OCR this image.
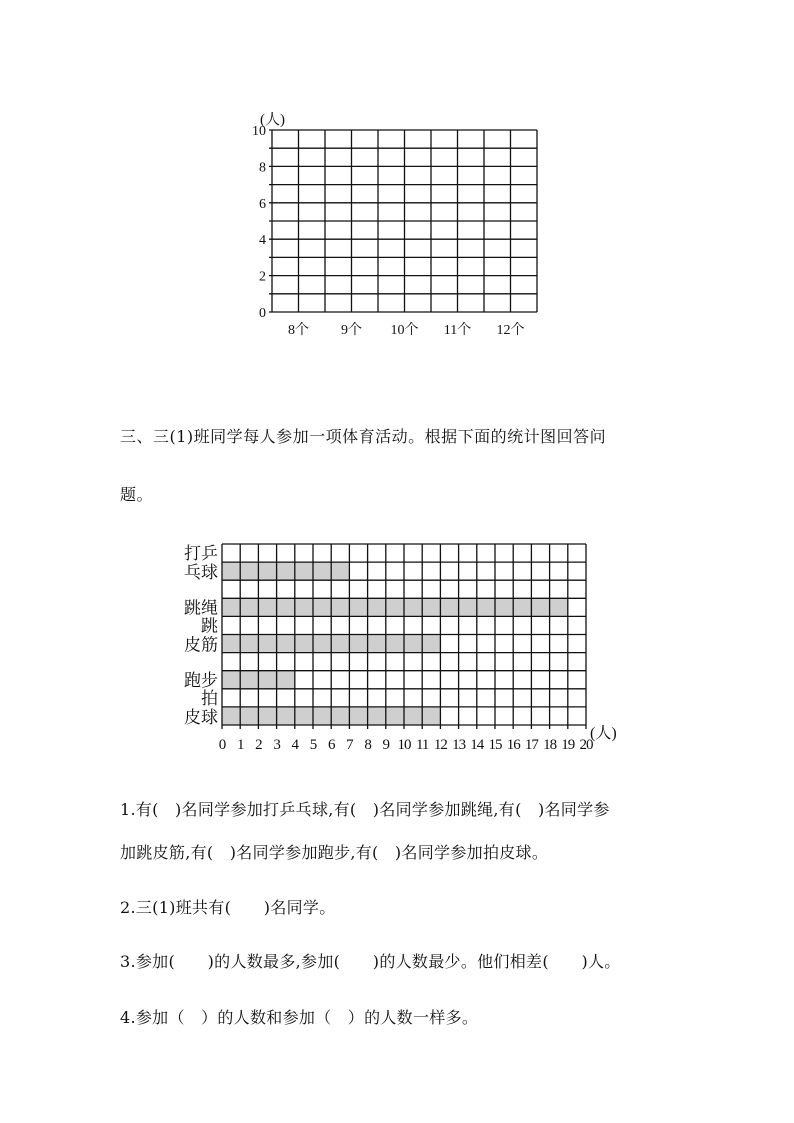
(人)
0
2
4
6
8
10
8个 9个 10个 11个 12个
三、三(1)班同学每人参加一项体育活动。根据下面的统计图回答问
题。
打乒
乓球
跳绳
跳
皮筋
跑步
拍
皮球
0 1 2 3 4 5 6 7 8 9 10 11 12 13 14 15 16 17 18 19 20
(人)
1.有(　)名同学参加打乒乓球,有(　)名同学参加跳绳,有(　)名同学参
加跳皮筋,有(　)名同学参加跑步,有(　)名同学参加拍皮球。
2.三(1)班共有(　　)名同学。
3.参加(　　)的人数最多,参加(　　)的人数最少。他们相差(　　)人。
4.参加（　）的人数和参加（　）的人数一样多。
